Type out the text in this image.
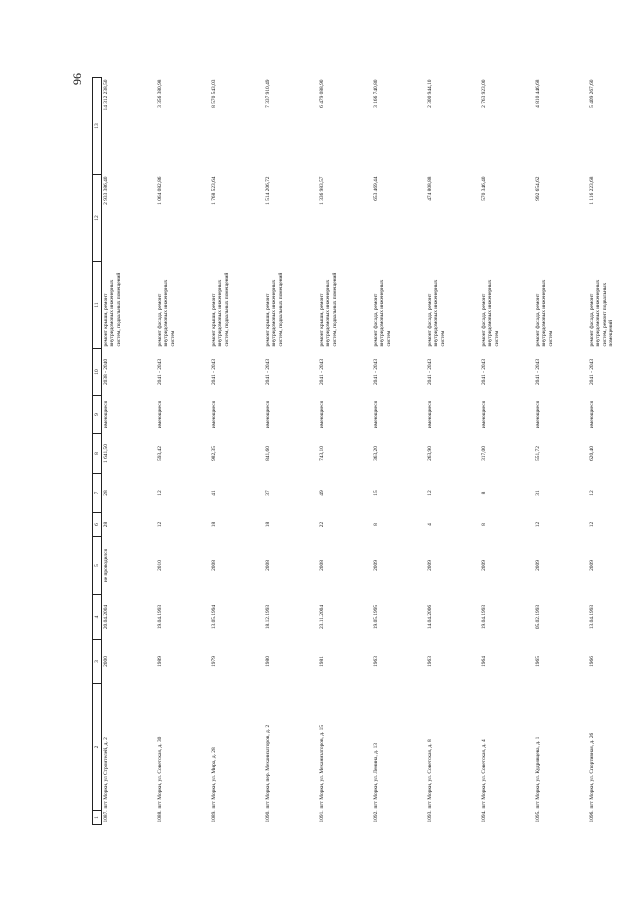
96
1	2	3	4	5	6	7	8	9	10	11	12	13
1087.	пгт Морки, ул Строителей, д. 2	2000	20.04.2004	не проводился	28	28	1 641,50	имеющиеся	2038 - 2040	ремонт крыши, ремонт внутридомовых инженерных систем, подвальных помещений	2 933 386,40	14 312 238,50
1088.	пгт Морки, ул. Советская, д. 30	1989	19.04.1993	2010	12	12	593,42	имеющиеся	2041 - 2043	ремонт фасада, ремонт внутридомовых инженерных систем	1 064 082,86	3 356 380,98
1089.	пгт Морки, ул. Мира, д. 28	1979	13.05.1994	2008	18	41	982,35	имеющиеся	2041 - 2043	ремонт крыши, ремонт внутридомовых инженерных систем, подвальных помещений	1 768 523,64	8 570 543,03
1090.	пгт Морки, пер. Механизаторов, д. 2	1980	18.12.1993	2008	18	37	841,60	имеющиеся	2041 - 2043	ремонт крыши, ремонт внутридомовых инженерных систем, подвальных помещений	1 514 206,72	7 337 910,49
1091.	пгт Морки, ул. Механизаторов, д. 15	1981	23.11.2004	2008	22	49	743,10	имеющиеся	2041 - 2043	ремонт крыши, ремонт внутридомовых инженерных систем, подвальных помещений	1 336 983,57	6 479 088,90
1092.	пгт Морки, ул. Ленина, д. 13	1963	19.05.1995	2009	8	15	363,20	имеющиеся	2041 - 2043	ремонт фасада, ремонт внутридомовых инженерных систем	653 469,44	3 166 740,80
1093.	пгт Морки, ул. Советская, д. 8	1963	14.04.2006	2009	4	12	263,90	имеющиеся	2041 - 2043	ремонт фасада, ремонт внутридомовых инженерных систем	474 808,88	2 300 944,10
1094.	пгт Морки, ул. Советская, д. 4	1964	19.04.1993	2009	8	8	317,00	имеющиеся	2041 - 2043	ремонт фасада, ремонт внутридомовых инженерных систем	570 346,40	2 763 923,00
1095.	пгт Морки, ул. Кудрявцева, д. 1	1965	05.02.1993	2009	12	31	551,72	имеющиеся	2041 - 2043	ремонт фасада, ремонт внутридомовых инженерных систем	992 654,62	4 810 446,68
1096.	пгт Морки, ул. Спортивная, д. 26	1966	13.04.1993	2009	12	12	620,40	имеющиеся	2041 - 2043	ремонт фасада, ремонт внутридомовых инженерных систем, ремонт подвальных помещений	1 116 223,68	5 409 267,60
